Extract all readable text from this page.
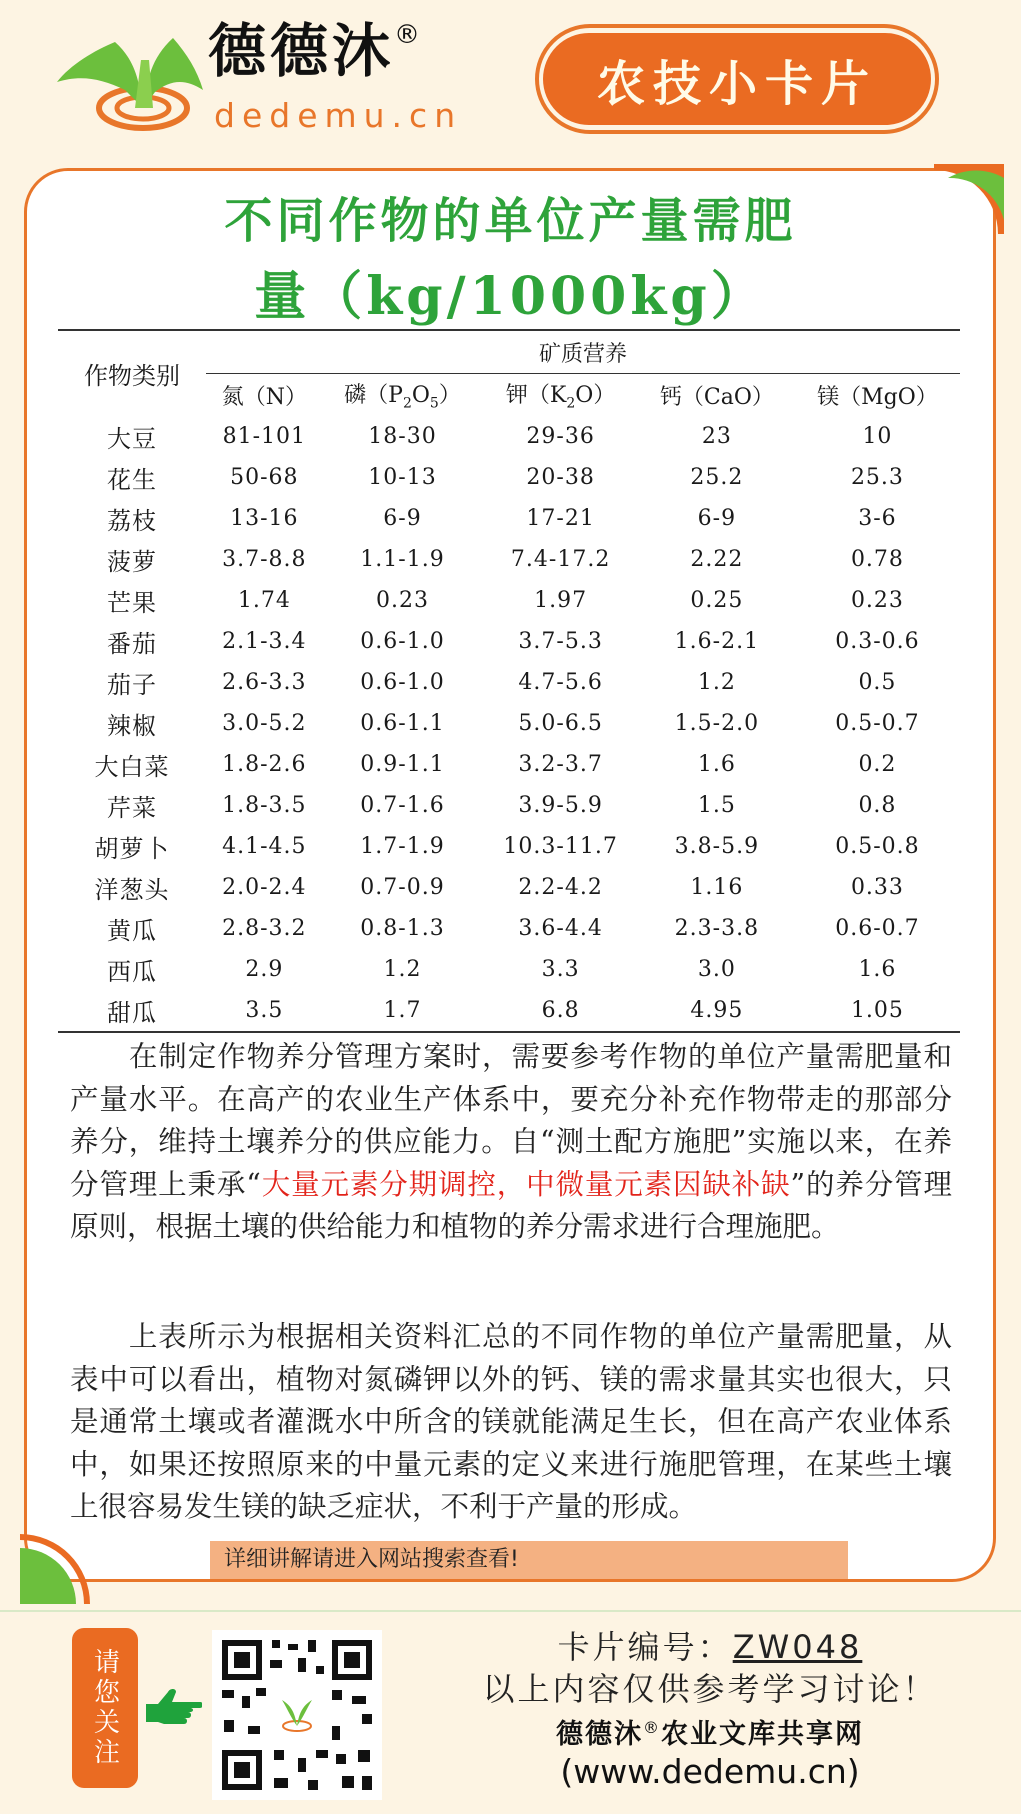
德德沐®
dedemu.cn
农技小卡片
不同作物的单位产量需肥
量（kg/1000kg）
作物类别	矿质营养				
	氮（N）	磷$(P_2O_5)$	钾$(K_2O)$	钙（CaO）	镁（MgO）
大豆	81-101	18-30	29-36	23	10
花生	50-68	10-13	20-38	25.2	25.3
荔枝	13-16	6-9	17-21	6-9	3-6
菠萝	3.7-8.8	1.1-1.9	7.4-17.2	2.22	0.78
芒果	1.74	0.23	1.97	0.25	0.23
番茄	2.1-3.4	0.6-1.0	3.7-5.3	1.6-2.1	0.3-0.6
茄子	2.6-3.3	0.6-1.0	4.7-5.6	1.2	0.5
辣椒	3.0-5.2	0.6-1.1	5.0-6.5	1.5-2.0	0.5-0.7
大白菜	1.8-2.6	0.9-1.1	3.2-3.7	1.6	0.2
芹菜	1.8-3.5	0.7-1.6	3.9-5.9	1.5	0.8
胡萝卜	4.1-4.5	1.7-1.9	10.3-11.7	3.8-5.9	0.5-0.8
洋葱头	2.0-2.4	0.7-0.9	2.2-4.2	1.16	0.33
黄瓜	2.8-3.2	0.8-1.3	3.6-4.4	2.3-3.8	0.6-0.7
西瓜	2.9	1.2	3.3	3.0	1.6
甜瓜	3.5	1.7	6.8	4.95	1.05
　　在制定作物养分管理方案时，需要参考作物的单位产量需肥量和产量水平。在高产的农业生产体系中，要充分补充作物带走的那部分养分，维持土壤养分的供应能力。自“测土配方施肥”实施以来，在养分管理上秉承“大量元素分期调控，中微量元素因缺补缺”的养分管理原则，根据土壤的供给能力和植物的养分需求进行合理施肥。
　　上表所示为根据相关资料汇总的不同作物的单位产量需肥量，从表中可以看出，植物对氮磷钾以外的钙、镁的需求量其实也很大，只是通常土壤或者灌溉水中所含的镁就能满足生长，但在高产农业体系中，如果还按照原来的中量元素的定义来进行施肥管理，在某些土壤上很容易发生镁的缺乏症状，不利于产量的形成。
详细讲解请进入网站搜索查看!
请您关注
卡片编号：ZW048
以上内容仅供参考学习讨论！
德德沐®农业文库共享网
(www.dedemu.cn)
